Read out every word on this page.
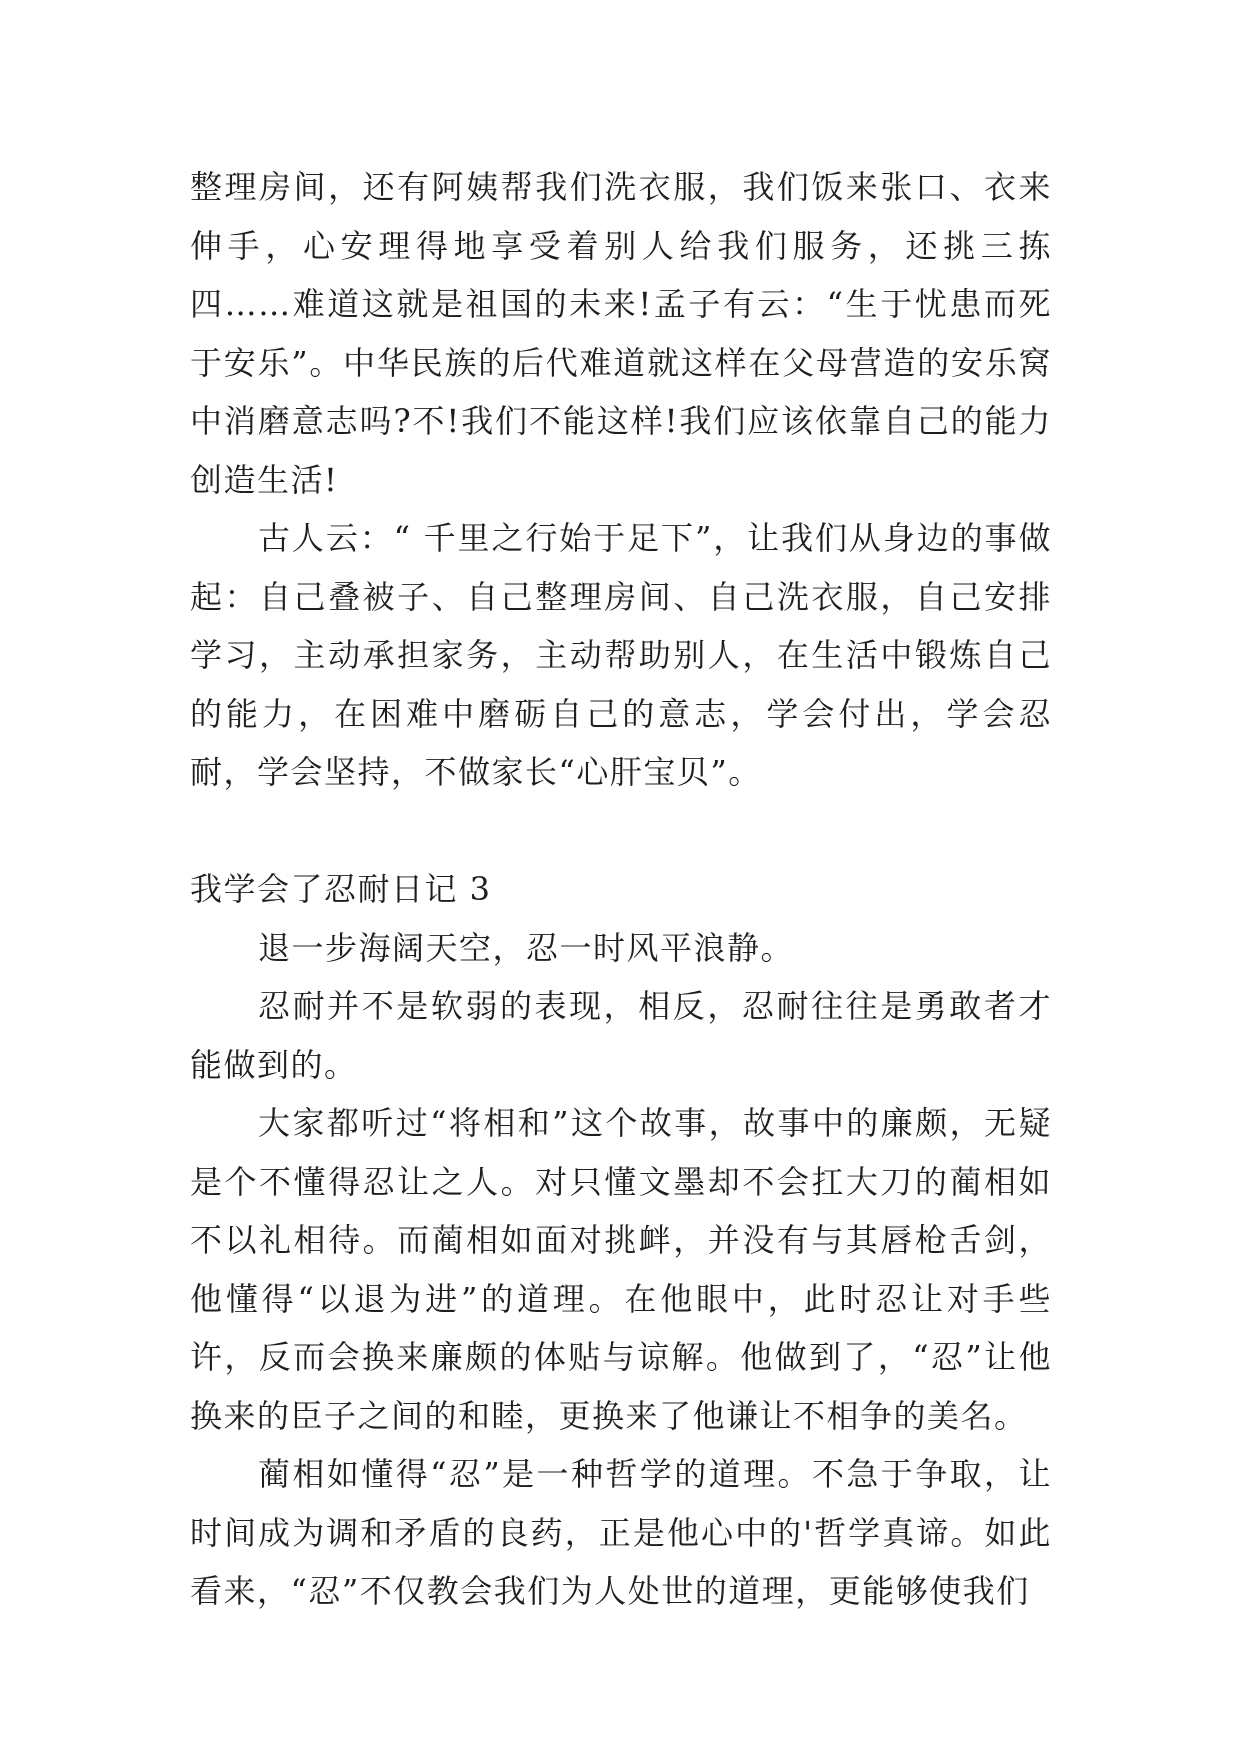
整理房间，还有阿姨帮我们洗衣服，我们饭来张口、衣来伸手，心安理得地享受着别人给我们服务，还挑三拣四……难道这就是祖国的未来!孟子有云：“生于忧患而死于安乐”。中华民族的后代难道就这样在父母营造的安乐窝中消磨意志吗?不!我们不能这样!我们应该依靠自己的能力创造生活!

古人云：“ 千里之行始于足下”，让我们从身边的事做起：自己叠被子、自己整理房间、自己洗衣服，自己安排学习，主动承担家务，主动帮助别人，在生活中锻炼自己的能力，在困难中磨砺自己的意志，学会付出，学会忍耐，学会坚持，不做家长“心肝宝贝”。

我学会了忍耐日记 3

退一步海阔天空，忍一时风平浪静。

忍耐并不是软弱的表现，相反，忍耐往往是勇敢者才能做到的。

大家都听过“将相和”这个故事，故事中的廉颇，无疑是个不懂得忍让之人。对只懂文墨却不会扛大刀的蔺相如不以礼相待。而蔺相如面对挑衅，并没有与其唇枪舌剑，他懂得“以退为进”的道理。在他眼中，此时忍让对手些许，反而会换来廉颇的体贴与谅解。他做到了，“忍”让他换来的臣子之间的和睦，更换来了他谦让不相争的美名。

蔺相如懂得“忍”是一种哲学的道理。不急于争取，让时间成为调和矛盾的良药，正是他心中的'哲学真谛。如此看来，“忍”不仅教会我们为人处世的道理，更能够使我们
